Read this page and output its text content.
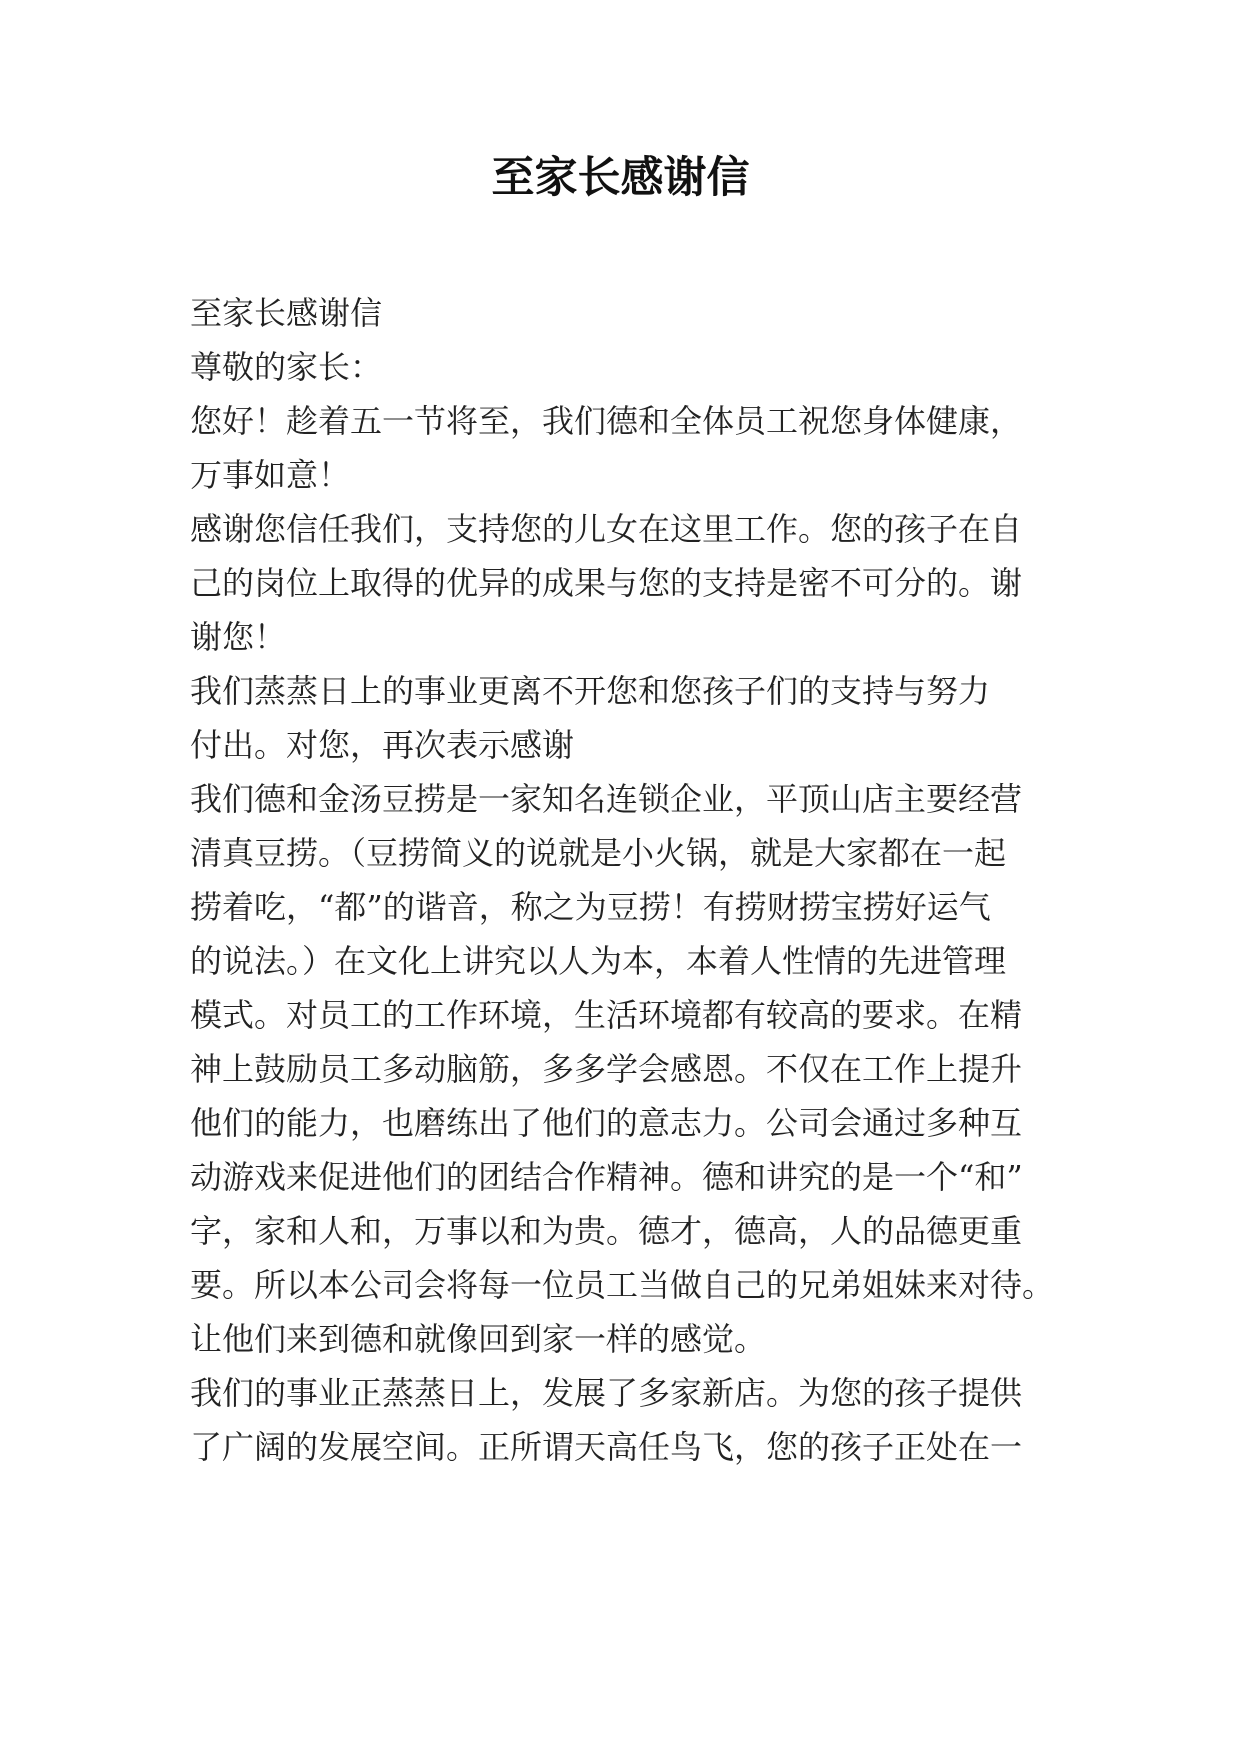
至家长感谢信
至家长感谢信
尊敬的家长：
您好！趁着五一节将至，我们德和全体员工祝您身体健康，
万事如意！
感谢您信任我们，支持您的儿女在这里工作。您的孩子在自
己的岗位上取得的优异的成果与您的支持是密不可分的。谢
谢您！
我们蒸蒸日上的事业更离不开您和您孩子们的支持与努力
付出。对您，再次表示感谢
我们德和金汤豆捞是一家知名连锁企业，平顶山店主要经营
清真豆捞。（豆捞简义的说就是小火锅，就是大家都在一起
捞着吃，“都”的谐音，称之为豆捞！有捞财捞宝捞好运气
的说法。）在文化上讲究以人为本，本着人性情的先进管理
模式。对员工的工作环境，生活环境都有较高的要求。在精
神上鼓励员工多动脑筋，多多学会感恩。不仅在工作上提升
他们的能力，也磨练出了他们的意志力。公司会通过多种互
动游戏来促进他们的团结合作精神。德和讲究的是一个“和”
字，家和人和，万事以和为贵。德才，德高，人的品德更重
要。所以本公司会将每一位员工当做自己的兄弟姐妹来对待。
让他们来到德和就像回到家一样的感觉。
我们的事业正蒸蒸日上，发展了多家新店。为您的孩子提供
了广阔的发展空间。正所谓天高任鸟飞，您的孩子正处在一
